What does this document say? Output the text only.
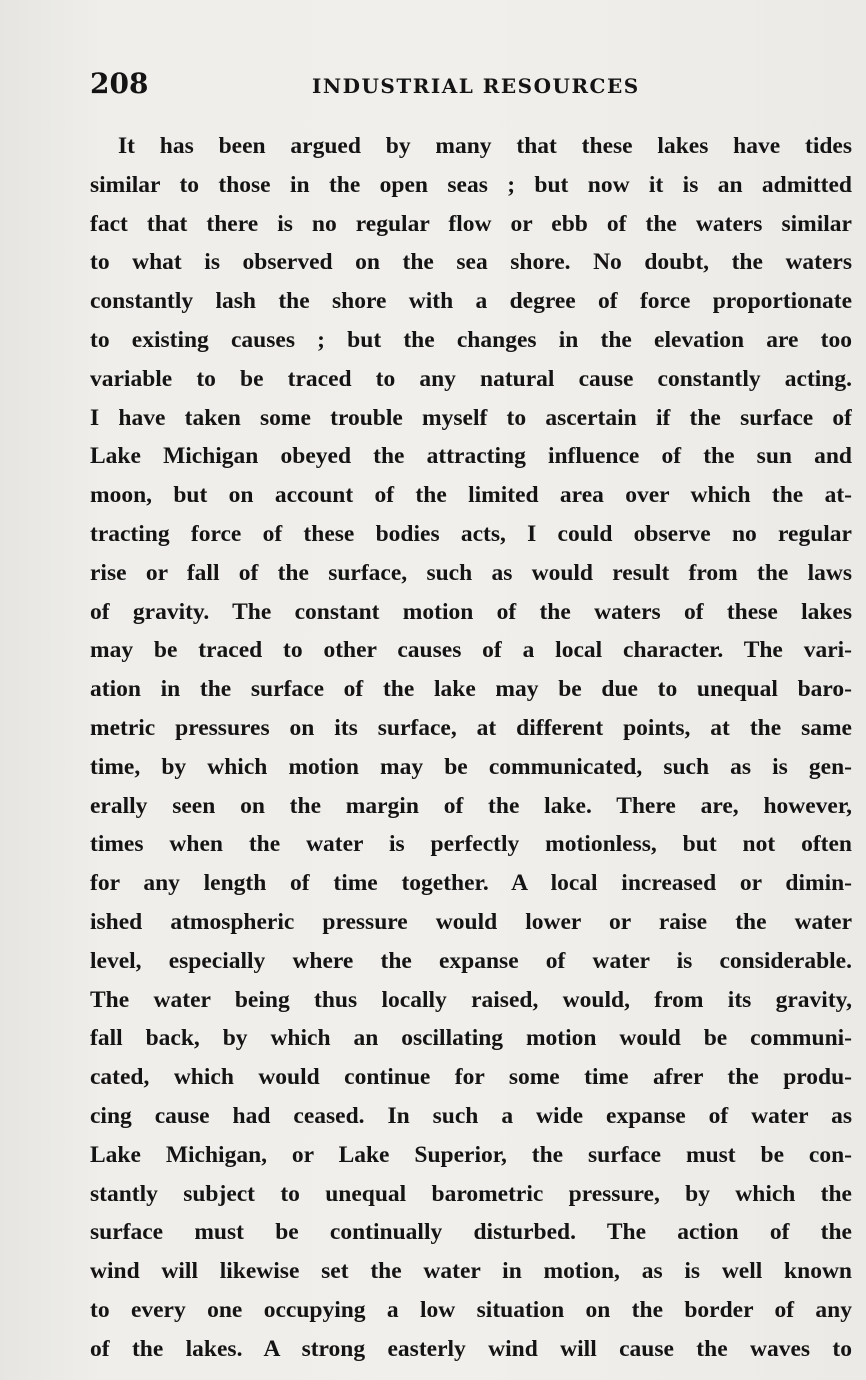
208	INDUSTRIAL RESOURCES
It has been argued by many that these lakes have tides
similar to those in the open seas ; but now it is an admitted
fact that there is no regular flow or ebb of the waters similar
to what is observed on the sea shore. No doubt, the waters
constantly lash the shore with a degree of force proportionate
to existing causes ; but the changes in the elevation are too
variable to be traced to any natural cause constantly acting.
I have taken some trouble myself to ascertain if the surface of
Lake Michigan obeyed the attracting influence of the sun and
moon, but on account of the limited area over which the at-
tracting force of these bodies acts, I could observe no regular
rise or fall of the surface, such as would result from the laws
of gravity. The constant motion of the waters of these lakes
may be traced to other causes of a local character. The vari-
ation in the surface of the lake may be due to unequal baro-
metric pressures on its surface, at different points, at the same
time, by which motion may be communicated, such as is gen-
erally seen on the margin of the lake. There are, however,
times when the water is perfectly motionless, but not often
for any length of time together. A local increased or dimin-
ished atmospheric pressure would lower or raise the water
level, especially where the expanse of water is considerable.
The water being thus locally raised, would, from its gravity,
fall back, by which an oscillating motion would be communi-
cated, which would continue for some time afrer the produ-
cing cause had ceased. In such a wide expanse of water as
Lake Michigan, or Lake Superior, the surface must be con-
stantly subject to unequal barometric pressure, by which the
surface must be continually disturbed. The action of the
wind will likewise set the water in motion, as is well known
to every one occupying a low situation on the border of any
of the lakes. A strong easterly wind will cause the waves to
